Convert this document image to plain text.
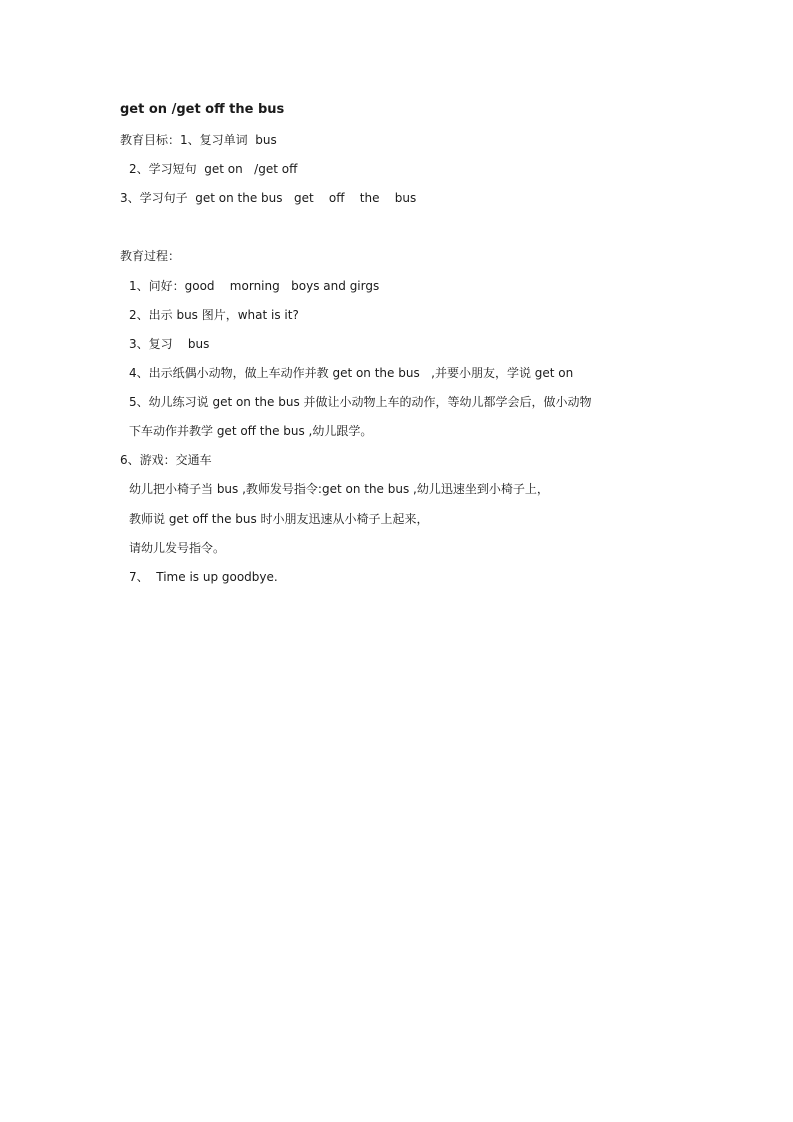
get on /get off the bus
教育目标：1、复习单词  bus
2、学习短句  get on   /get off
3、学习句子  get on the bus   get    off    the    bus
教育过程：
1、问好：good    morning   boys and girgs
2、出示 bus 图片，what is it?
3、复习    bus
4、出示纸偶小动物，做上车动作并教 get on the bus   ,并要小朋友，学说 get on
5、幼儿练习说 get on the bus 并做让小动物上车的动作，等幼儿都学会后，做小动物
下车动作并教学 get off the bus ,幼儿跟学。
6、游戏：交通车
幼儿把小椅子当 bus ,教师发号指令:get on the bus ,幼儿迅速坐到小椅子上，
教师说 get off the bus 时小朋友迅速从小椅子上起来，
请幼儿发号指令。
7、  Time is up goodbye.
